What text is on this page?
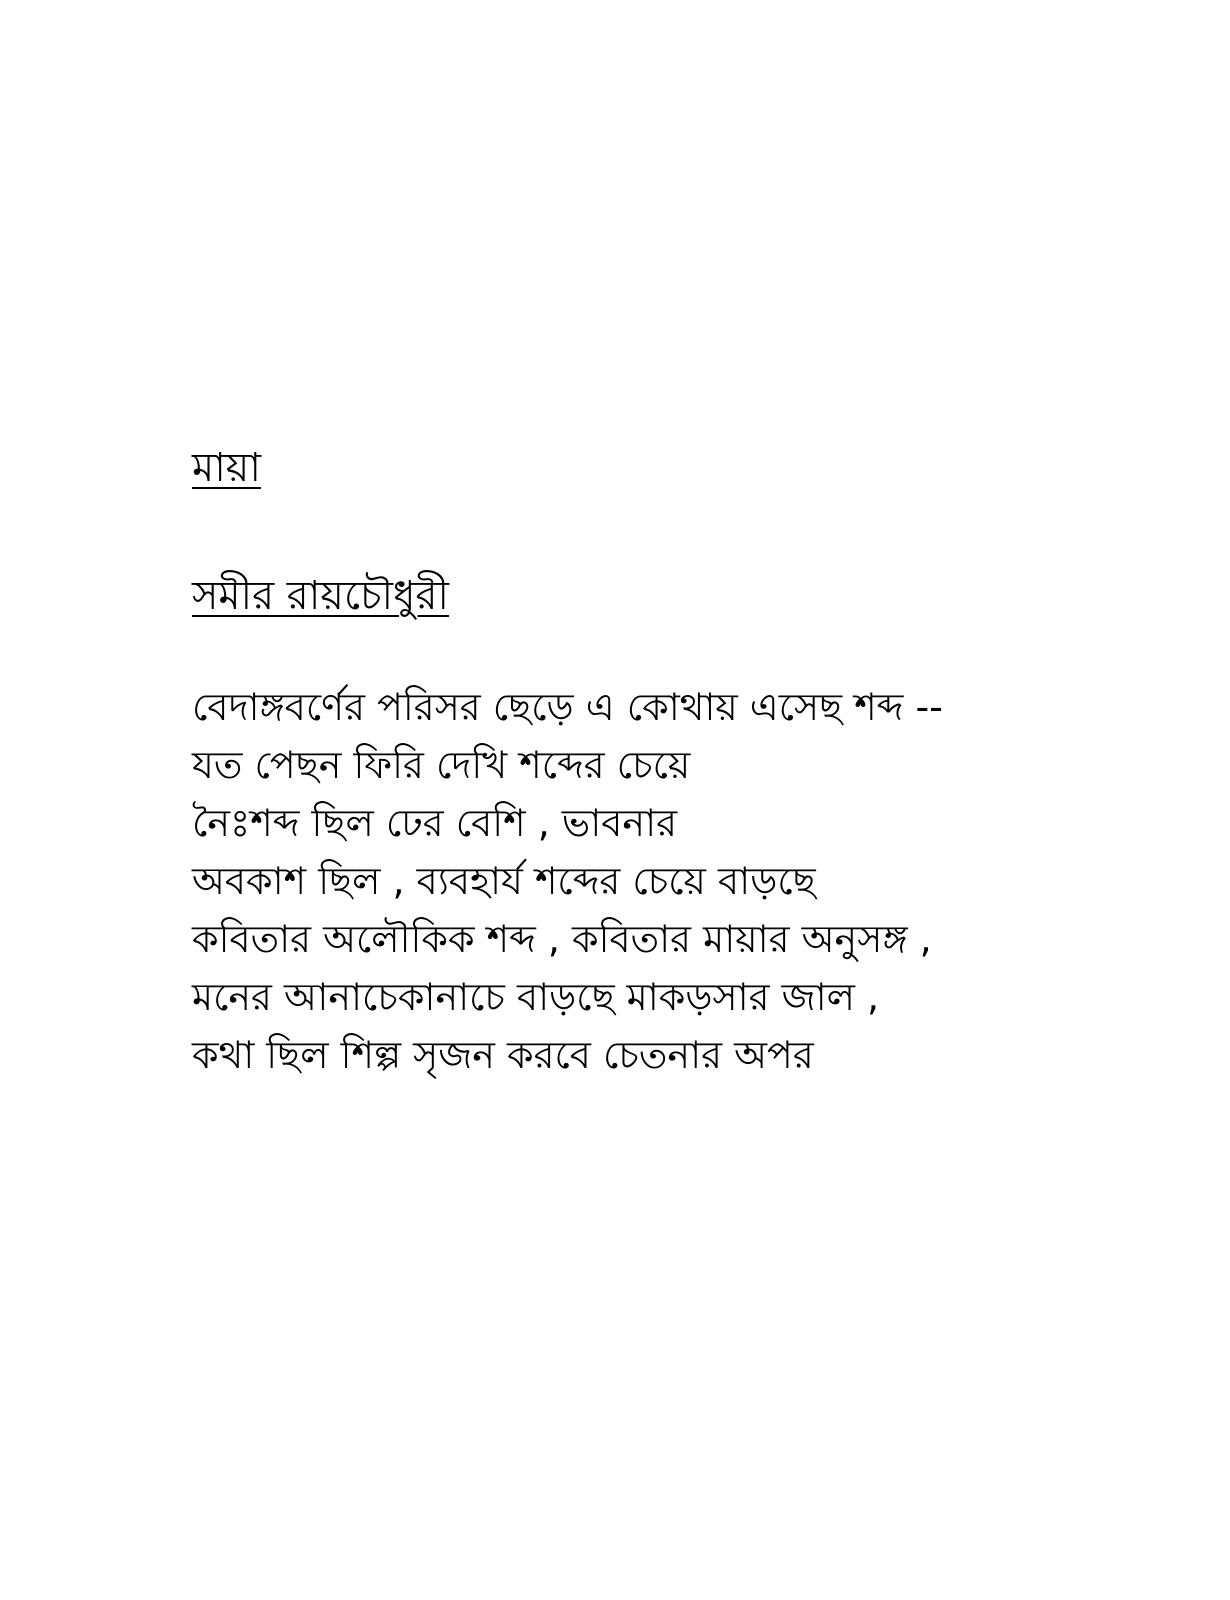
মায়া
সমীর রায়চৌধুরী
বেদাঙ্গবর্ণের পরিসর ছেড়ে এ কোথায় এসেছ শব্দ --
যত পেছন ফিরি দেখি শব্দের চেয়ে
নৈঃশব্দ ছিল ঢের বেশি , ভাবনার
অবকাশ ছিল , ব্যবহার্য শব্দের চেয়ে বাড়ছে
কবিতার অলৌকিক শব্দ , কবিতার মায়ার অনুসঙ্গ ,
মনের আনাচেকানাচে বাড়ছে মাকড়সার জাল ,
কথা ছিল শিল্প সৃজন করবে চেতনার অপর
